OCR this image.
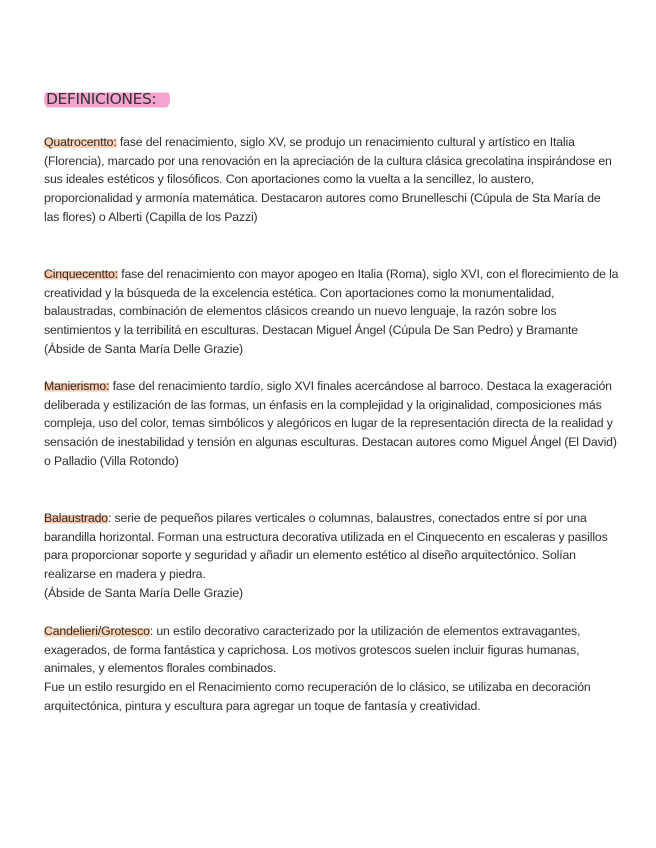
DEFINICIONES:

Quatrocentto: fase del renacimiento, siglo XV, se produjo un renacimiento cultural y artístico en Italia (Florencia), marcado por una renovación en la apreciación de la cultura clásica grecolatina inspirándose en sus ideales estéticos y filosóficos. Con aportaciones como la vuelta a la sencillez, lo austero, proporcionalidad y armonía matemática. Destacaron autores como Brunelleschi (Cúpula de Sta María de las flores) o Alberti (Capilla de los Pazzi)

Cinquecentto: fase del renacimiento con mayor apogeo en Italia (Roma), siglo XVI, con el florecimiento de la creatividad y la búsqueda de la excelencia estética. Con aportaciones como la monumentalidad, balaustradas, combinación de elementos clásicos creando un nuevo lenguaje, la razón sobre los sentimientos y la terribilitá en esculturas. Destacan Miguel Ángel (Cúpula De San Pedro) y Bramante (Ábside de Santa María Delle Grazie)

Manierismo: fase del renacimiento tardío, siglo XVI finales acercándose al barroco. Destaca la exageración deliberada y estilización de las formas, un énfasis en la complejidad y la originalidad, composiciones más compleja, uso del color, temas simbólicos y alegóricos en lugar de la representación directa de la realidad y sensación de inestabilidad y tensión en algunas esculturas. Destacan autores como Miguel Ángel (El David) o Palladio (Villa Rotondo)

Balaustrado: serie de pequeños pilares verticales o columnas, balaustres, conectados entre sí por una barandilla horizontal. Forman una estructura decorativa utilizada en el Cinquecento en escaleras y pasillos para proporcionar soporte y seguridad y añadir un elemento estético al diseño arquitectónico. Solían realizarse en madera y piedra.

(Ábside de Santa María Delle Grazie)

Candelieri/Grotesco: un estilo decorativo caracterizado por la utilización de elementos extravagantes, exagerados, de forma fantástica y caprichosa. Los motivos grotescos suelen incluir figuras humanas, animales, y elementos florales combinados.

Fue un estilo resurgido en el Renacimiento como recuperación de lo clásico, se utilizaba en decoración arquitectónica, pintura y escultura para agregar un toque de fantasía y creatividad.
